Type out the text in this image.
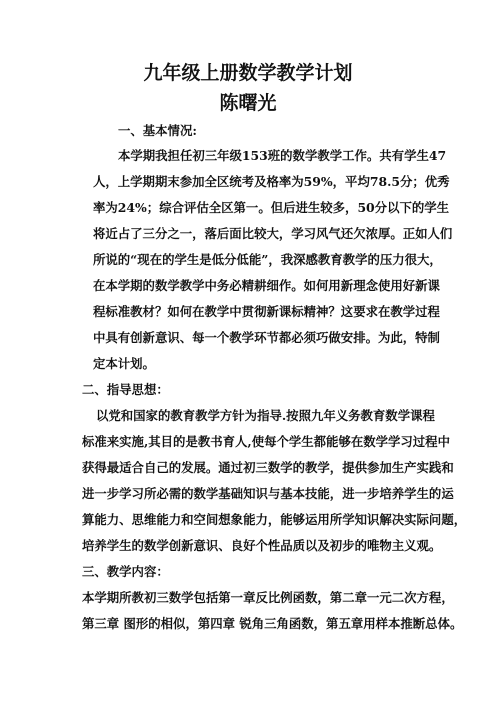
九年级上册数学教学计划
陈曙光
一、基本情况:
本学期我担任初三年级153班的数学教学工作。共有学生47
人，上学期期末参加全区统考及格率为59%，平均78.5分；优秀
率为24%；综合评估全区第一。但后进生较多，50分以下的学生
将近占了三分之一，落后面比较大，学习风气还欠浓厚。正如人们
所说的“现在的学生是低分低能”，我深感教育教学的压力很大，
在本学期的数学教学中务必精耕细作。如何用新理念使用好新课
程标准教材？如何在教学中贯彻新课标精神？这要求在教学过程
中具有创新意识、每一个教学环节都必须巧做安排。为此，特制
定本计划。
二、指导思想：
以党和国家的教育教学方针为指导.按照九年义务教育数学课程
标准来实施,其目的是教书育人,使每个学生都能够在数学学习过程中
获得最适合自己的发展。通过初三数学的教学，提供参加生产实践和
进一步学习所必需的数学基础知识与基本技能，进一步培养学生的运
算能力、思维能力和空间想象能力，能够运用所学知识解决实际问题，
培养学生的数学创新意识、良好个性品质以及初步的唯物主义观。
三、教学内容：
本学期所教初三数学包括第一章反比例函数，第二章一元二次方程，
第三章 图形的相似，第四章 锐角三角函数，第五章用样本推断总体。
